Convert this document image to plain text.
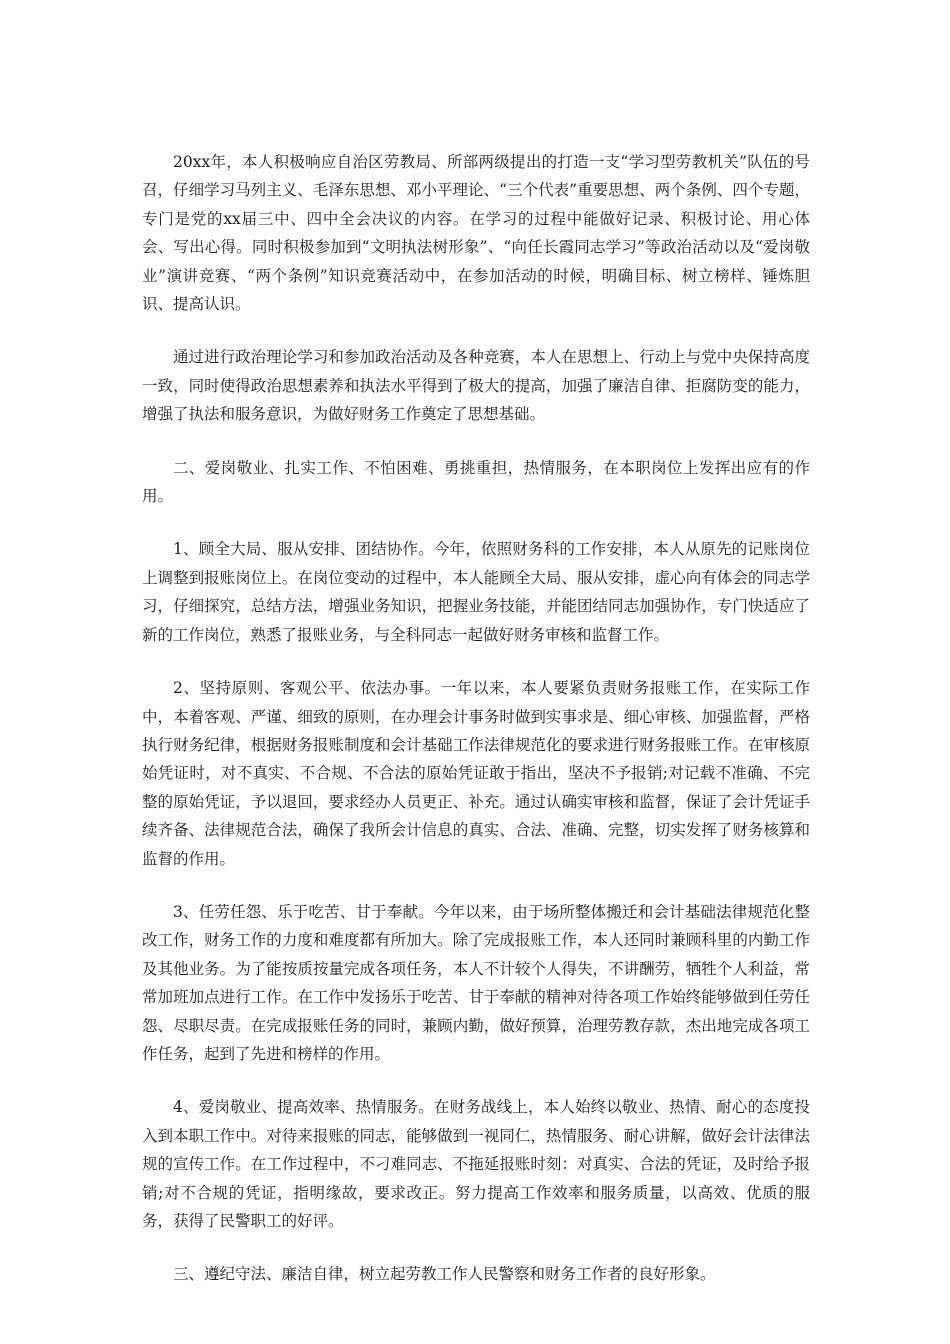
20xx年，本人积极响应自治区劳教局、所部两级提出的打造一支“学习型劳教机关”队伍的号召，仔细学习马列主义、毛泽东思想、邓小平理论、“三个代表”重要思想、两个条例、四个专题，专门是党的xx届三中、四中全会决议的内容。在学习的过程中能做好记录、积极讨论、用心体会、写出心得。同时积极参加到“文明执法树形象”、“向任长霞同志学习”等政治活动以及“爱岗敬业”演讲竞赛、“两个条例”知识竞赛活动中，在参加活动的时候，明确目标、树立榜样、锤炼胆识、提高认识。

通过进行政治理论学习和参加政治活动及各种竞赛，本人在思想上、行动上与党中央保持高度一致，同时使得政治思想素养和执法水平得到了极大的提高，加强了廉洁自律、拒腐防变的能力，增强了执法和服务意识，为做好财务工作奠定了思想基础。

二、爱岗敬业、扎实工作、不怕困难、勇挑重担，热情服务，在本职岗位上发挥出应有的作用。

1、顾全大局、服从安排、团结协作。今年，依照财务科的工作安排，本人从原先的记账岗位上调整到报账岗位上。在岗位变动的过程中，本人能顾全大局、服从安排，虚心向有体会的同志学习，仔细探究，总结方法，增强业务知识，把握业务技能，并能团结同志加强协作，专门快适应了新的工作岗位，熟悉了报账业务，与全科同志一起做好财务审核和监督工作。

2、坚持原则、客观公平、依法办事。一年以来，本人要紧负责财务报账工作，在实际工作中，本着客观、严谨、细致的原则，在办理会计事务时做到实事求是、细心审核、加强监督，严格执行财务纪律，根据财务报账制度和会计基础工作法律规范化的要求进行财务报账工作。在审核原始凭证时，对不真实、不合规、不合法的原始凭证敢于指出，坚决不予报销;对记载不准确、不完整的原始凭证，予以退回，要求经办人员更正、补充。通过认确实审核和监督，保证了会计凭证手续齐备、法律规范合法，确保了我所会计信息的真实、合法、准确、完整，切实发挥了财务核算和监督的作用。

3、任劳任怨、乐于吃苦、甘于奉献。今年以来，由于场所整体搬迁和会计基础法律规范化整改工作，财务工作的力度和难度都有所加大。除了完成报账工作，本人还同时兼顾科里的内勤工作及其他业务。为了能按质按量完成各项任务，本人不计较个人得失，不讲酬劳，牺牲个人利益，常常加班加点进行工作。在工作中发扬乐于吃苦、甘于奉献的精神对待各项工作始终能够做到任劳任怨、尽职尽责。在完成报账任务的同时，兼顾内勤，做好预算，治理劳教存款，杰出地完成各项工作任务，起到了先进和榜样的作用。

4、爱岗敬业、提高效率、热情服务。在财务战线上，本人始终以敬业、热情、耐心的态度投入到本职工作中。对待来报账的同志，能够做到一视同仁，热情服务、耐心讲解，做好会计法律法规的宣传工作。在工作过程中，不刁难同志、不拖延报账时刻：对真实、合法的凭证，及时给予报销;对不合规的凭证，指明缘故，要求改正。努力提高工作效率和服务质量，以高效、优质的服务，获得了民警职工的好评。

三、遵纪守法、廉洁自律，树立起劳教工作人民警察和财务工作者的良好形象。
